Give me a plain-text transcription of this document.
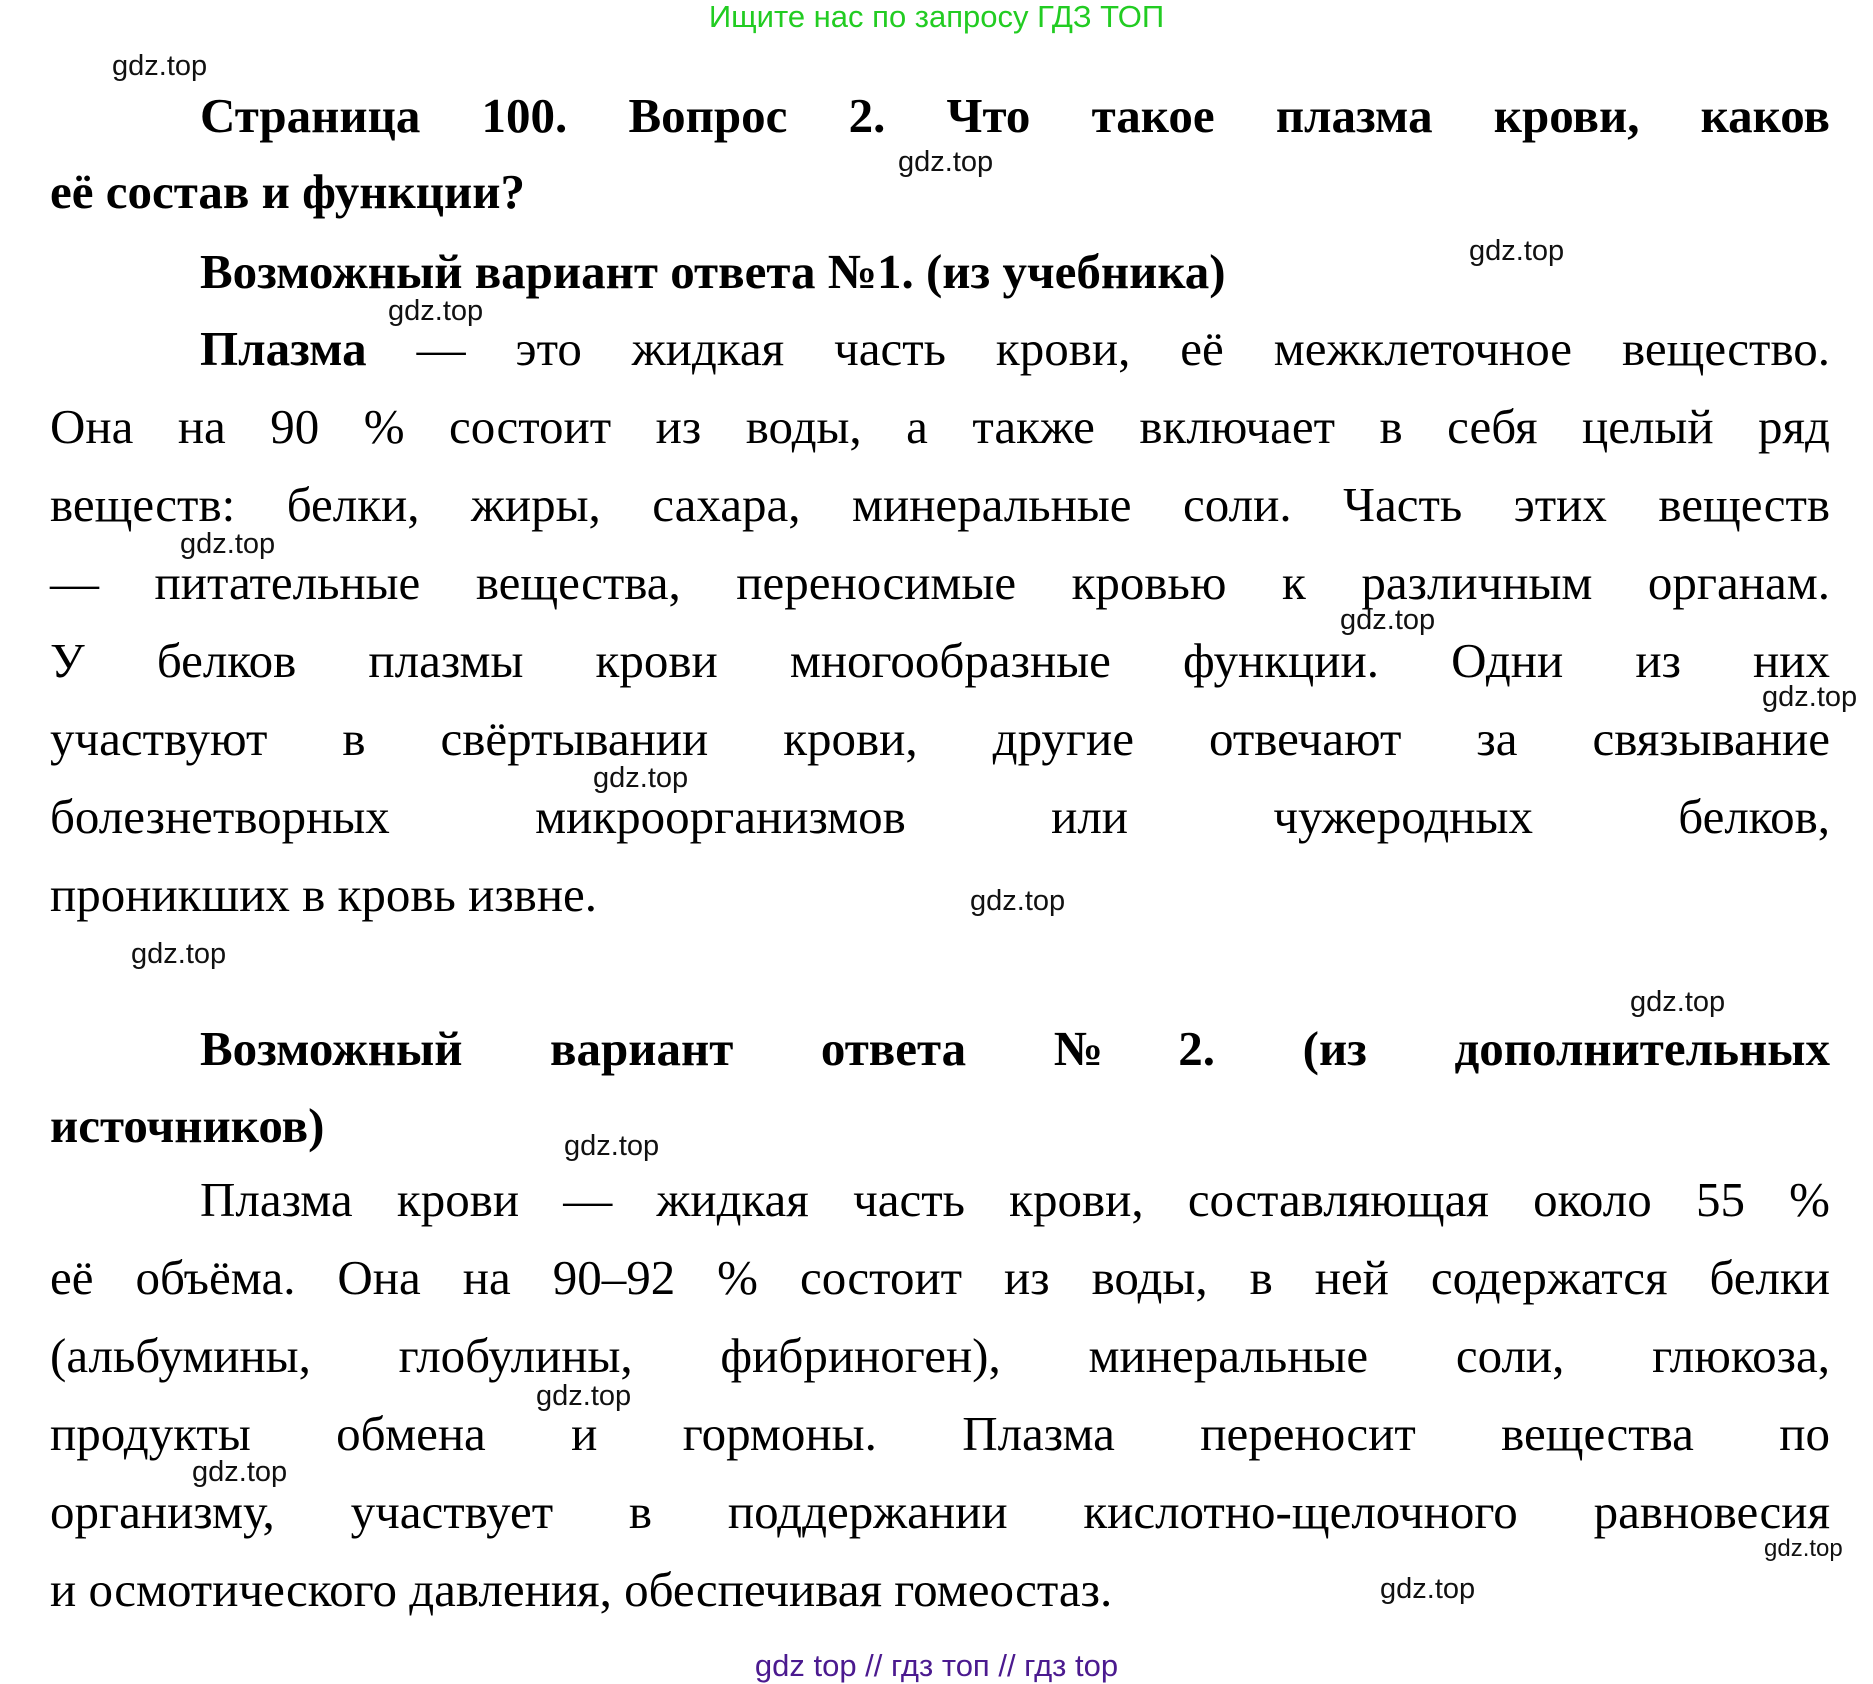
Ищите нас по запросу ГДЗ ТОП
Страница 100. Вопрос 2. Что такое плазма крови, каков
её состав и функции?
Возможный вариант ответа №1. (из учебника)
Плазма — это жидкая часть крови, её межклеточное вещество.
Она на 90 % состоит из воды, а также включает в себя целый ряд
веществ: белки, жиры, сахара, минеральные соли. Часть этих веществ
— питательные вещества, переносимые кровью к различным органам.
У белков плазмы крови многообразные функции. Одни из них
участвуют в свёртывании крови, другие отвечают за связывание
болезнетворных микроорганизмов или чужеродных белков,
проникших в кровь извне.
Возможный вариант ответа №2. (из дополнительных
источников)
Плазма крови — жидкая часть крови, составляющая около 55 %
её объёма. Она на 90–92 % состоит из воды, в ней содержатся белки
(альбумины, глобулины, фибриноген), минеральные соли, глюкоза,
продукты обмена и гормоны. Плазма переносит вещества по
организму, участвует в поддержании кислотно-щелочного равновесия
и осмотического давления, обеспечивая гомеостаз.
gdz.top
gdz.top
gdz.top
gdz.top
gdz.top
gdz.top
gdz.top
gdz.top
gdz.top
gdz.top
gdz.top
gdz.top
gdz.top
gdz.top
gdz.top
gdz.top
gdz top // гдз топ // гдз top
